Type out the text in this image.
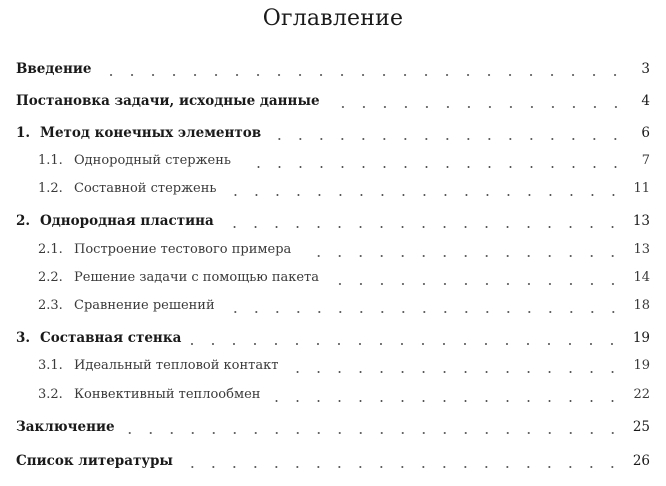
Оглавление
Введение	3
Постановка задачи, исходные данные	4
1. Метод конечных элементов	6
1.1. Однородный стержень	7
1.2. Составной стержень	11
2. Однородная пластина	13
2.1. Построение тестового примера	13
2.2. Решение задачи с помощью пакета	14
2.3. Сравнение решений	18
3. Составная стенка	19
3.1. Идеальный тепловой контакт	19
3.2. Конвективный теплообмен	22
Заключение	25
Список литературы	26
